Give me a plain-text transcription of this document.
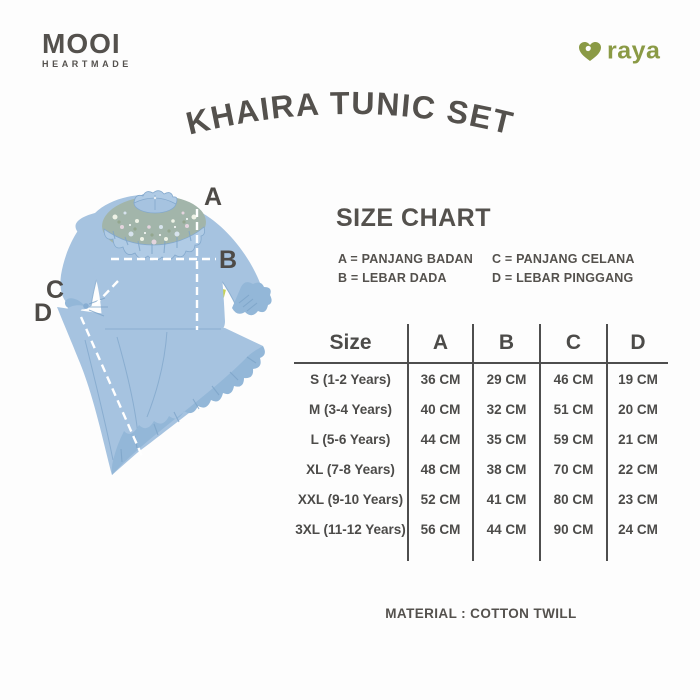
MOOI
HEARTMADE	raya
KHAIRA TUNIC SET
A
B
C
D
SIZE CHART
A = PANJANG BADAN	C = PANJANG CELANA
B = LEBAR DADA	D = LEBAR PINGGANG
Size	A	B	C	D
S (1-2 Years)	36 CM	29 CM	46 CM	19 CM
M (3-4 Years)	40 CM	32 CM	51 CM	20 CM
L (5-6 Years)	44 CM	35 CM	59 CM	21 CM
XL (7-8 Years)	48 CM	38 CM	70 CM	22 CM
XXL (9-10 Years)	52 CM	41 CM	80 CM	23 CM
3XL (11-12 Years)	56 CM	44 CM	90 CM	24 CM

MATERIAL : COTTON TWILL
